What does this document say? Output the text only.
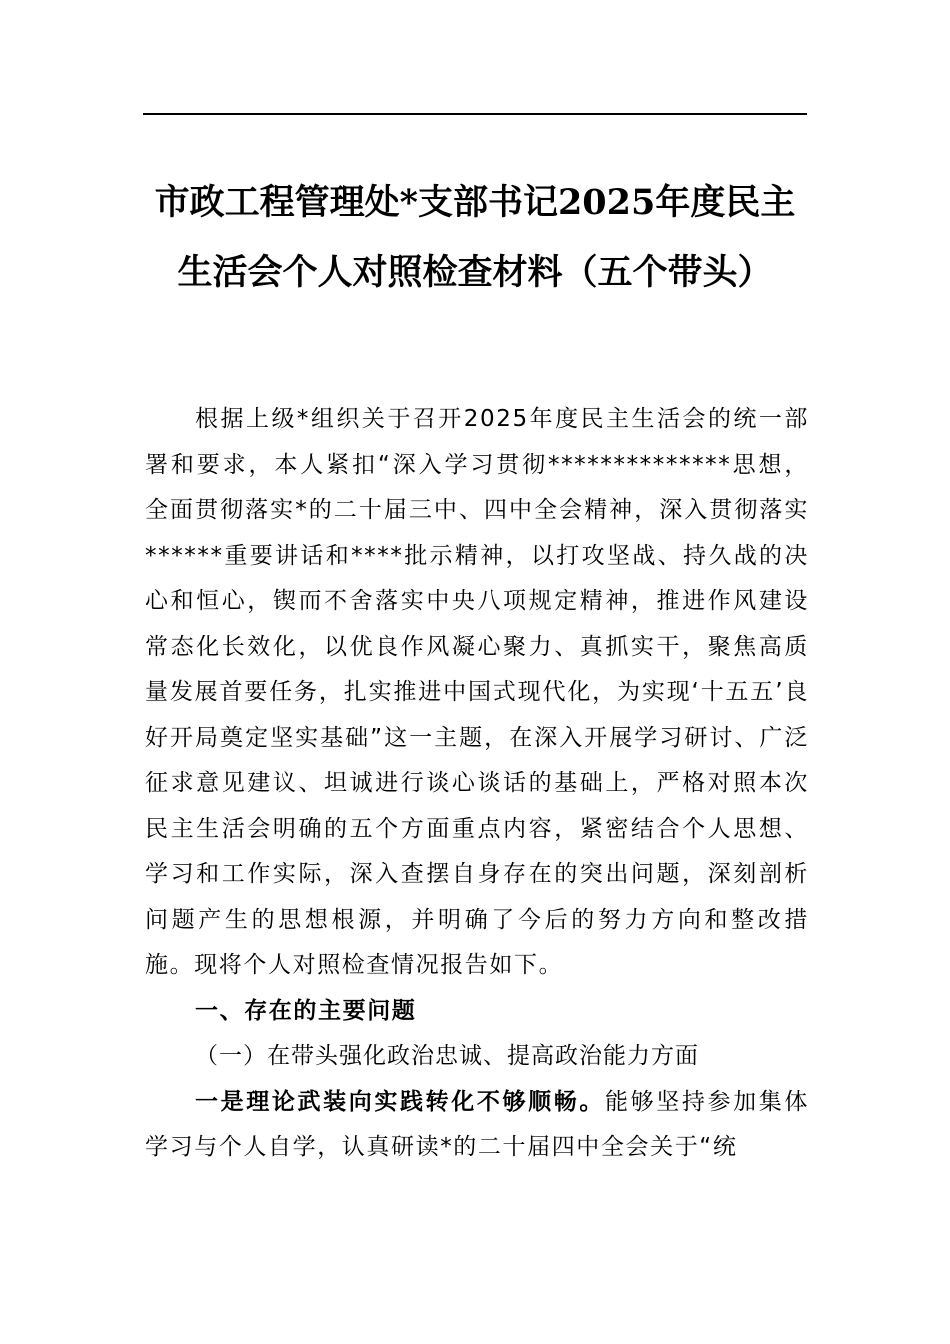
市政工程管理处*支部书记2025年度民主
生活会个人对照检查材料（五个带头）

根据上级*组织关于召开2025年度民主生活会的统一部署和要求，本人紧扣“深入学习贯彻**************思想，全面贯彻落实*的二十届三中、四中全会精神，深入贯彻落实******重要讲话和****批示精神，以打攻坚战、持久战的决心和恒心，锲而不舍落实中央八项规定精神，推进作风建设常态化长效化，以优良作风凝心聚力、真抓实干，聚焦高质量发展首要任务，扎实推进中国式现代化，为实现‘十五五’良好开局奠定坚实基础”这一主题，在深入开展学习研讨、广泛征求意见建议、坦诚进行谈心谈话的基础上，严格对照本次民主生活会明确的五个方面重点内容，紧密结合个人思想、学习和工作实际，深入查摆自身存在的突出问题，深刻剖析问题产生的思想根源，并明确了今后的努力方向和整改措施。现将个人对照检查情况报告如下。

一、存在的主要问题

（一）在带头强化政治忠诚、提高政治能力方面

一是理论武装向实践转化不够顺畅。能够坚持参加集体学习与个人自学，认真研读*的二十届四中全会关于“统
